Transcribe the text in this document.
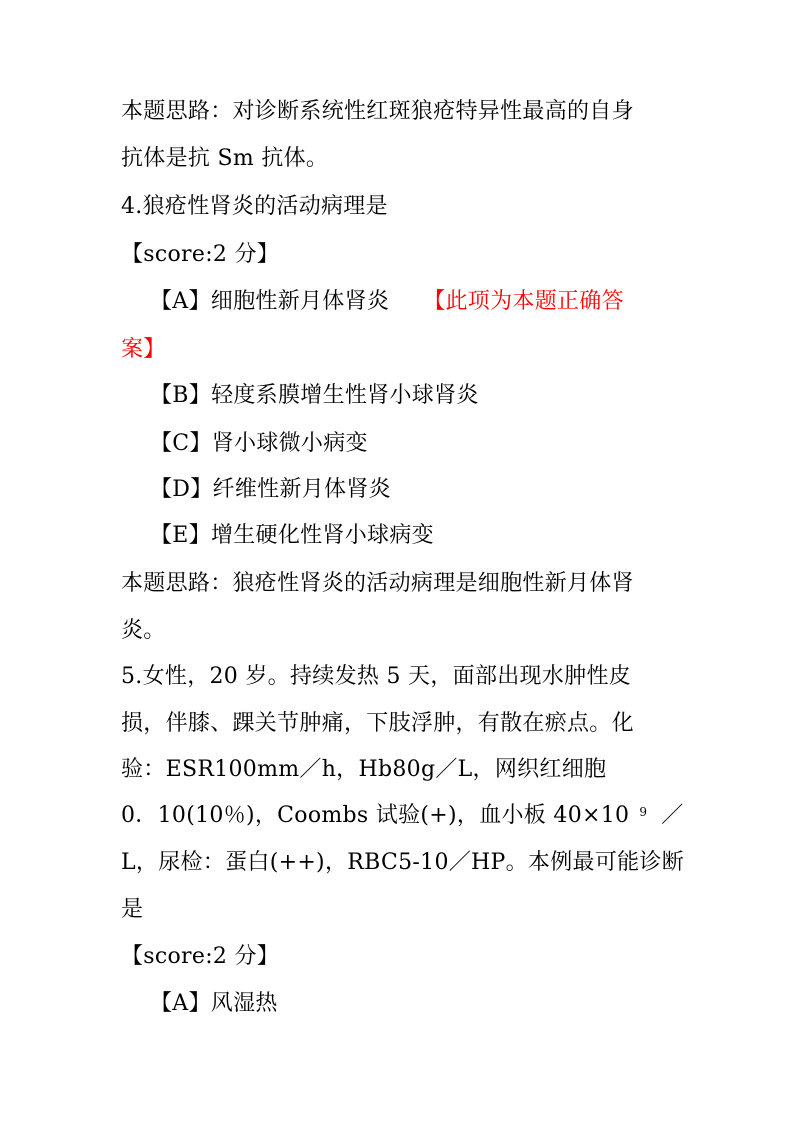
本题思路：对诊断系统性红斑狼疮特异性最高的自身
抗体是抗 Sm 抗体。
4.狼疮性肾炎的活动病理是
【score:2 分】
【A】细胞性新月体肾炎 【此项为本题正确答
案】
【B】轻度系膜增生性肾小球肾炎
【C】肾小球微小病变
【D】纤维性新月体肾炎
【E】增生硬化性肾小球病变
本题思路：狼疮性肾炎的活动病理是细胞性新月体肾
炎。
5.女性，20 岁。持续发热 5 天，面部出现水肿性皮
损，伴膝、踝关节肿痛，下肢浮肿，有散在瘀点。化
验：ESR100mm／h，Hb80g／L，网织红细胞
0．10(10％)，Coombs 试验(+)，血小板 40×10 $^9$ ／
L，尿检：蛋白(++)，RBC5-10／HP。本例最可能诊断
是
【score:2 分】
【A】风湿热
